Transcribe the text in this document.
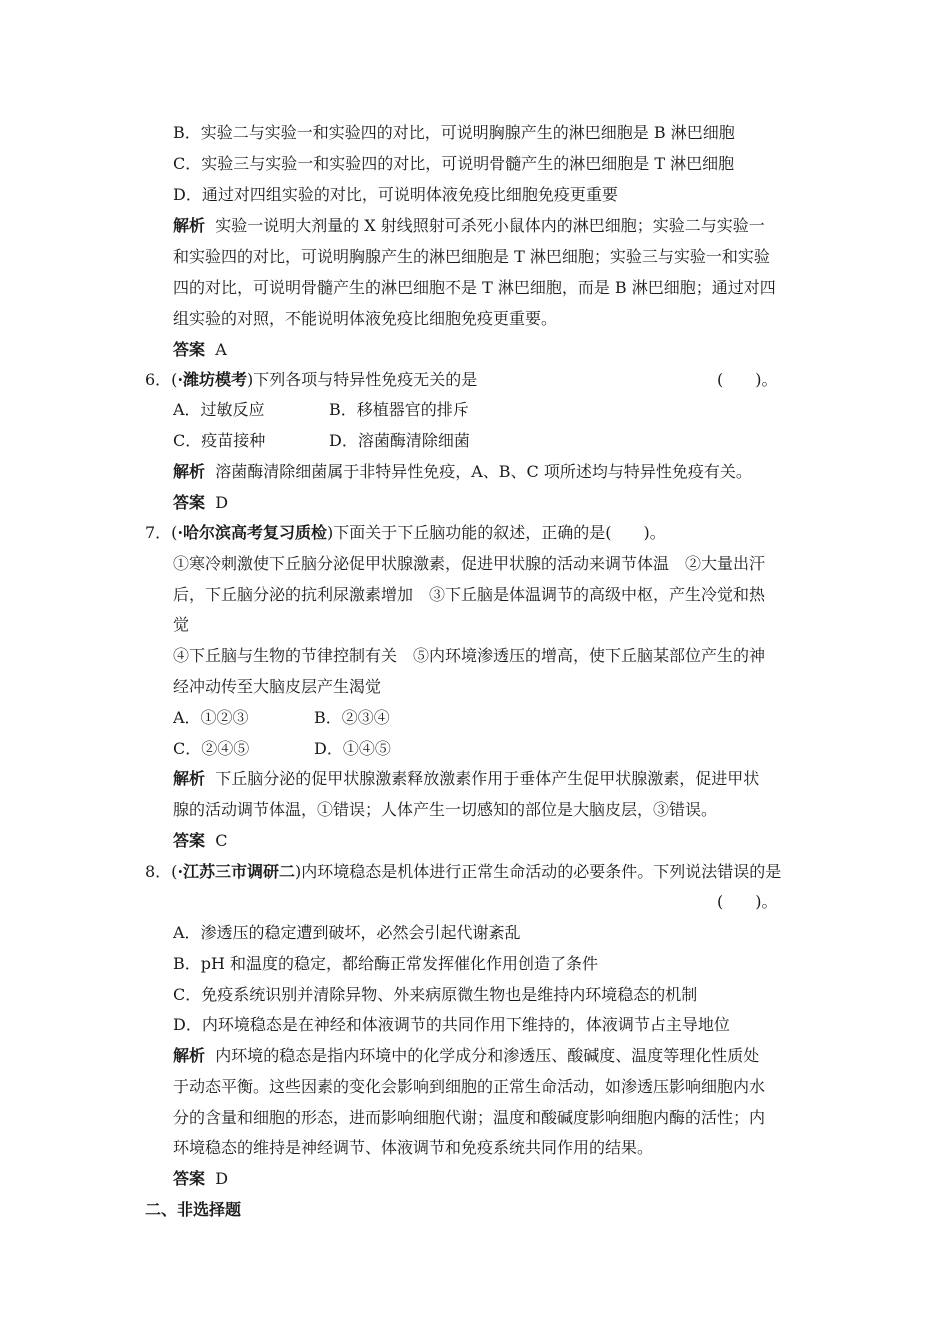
B．实验二与实验一和实验四的对比，可说明胸腺产生的淋巴细胞是 B 淋巴细胞
C．实验三与实验一和实验四的对比，可说明骨髓产生的淋巴细胞是 T 淋巴细胞
D．通过对四组实验的对比，可说明体液免疫比细胞免疫更重要
解析 实验一说明大剂量的 X 射线照射可杀死小鼠体内的淋巴细胞；实验二与实验一
和实验四的对比，可说明胸腺产生的淋巴细胞是 T 淋巴细胞；实验三与实验一和实验
四的对比，可说明骨髓产生的淋巴细胞不是 T 淋巴细胞，而是 B 淋巴细胞；通过对四
组实验的对照，不能说明体液免疫比细胞免疫更重要。
答案 A
6．(·潍坊模考)下列各项与特异性免疫无关的是	(　　)。
A．过敏反应	B．移植器官的排斥
C．疫苗接种	D．溶菌酶清除细菌
解析 溶菌酶清除细菌属于非特异性免疫，A、B、C 项所述均与特异性免疫有关。
答案 D
7．(·哈尔滨高考复习质检)下面关于下丘脑功能的叙述，正确的是(　　)。
①寒冷刺激使下丘脑分泌促甲状腺激素，促进甲状腺的活动来调节体温　②大量出汗
后，下丘脑分泌的抗利尿激素增加　③下丘脑是体温调节的高级中枢，产生冷觉和热
觉
④下丘脑与生物的节律控制有关　⑤内环境渗透压的增高，使下丘脑某部位产生的神
经冲动传至大脑皮层产生渴觉
A．①②③	B．②③④
C．②④⑤	D．①④⑤
解析 下丘脑分泌的促甲状腺激素释放激素作用于垂体产生促甲状腺激素，促进甲状
腺的活动调节体温，①错误；人体产生一切感知的部位是大脑皮层，③错误。
答案 C
8．(·江苏三市调研二)内环境稳态是机体进行正常生命活动的必要条件。下列说法错误的是
(　　)。
A．渗透压的稳定遭到破坏，必然会引起代谢紊乱
B．pH 和温度的稳定，都给酶正常发挥催化作用创造了条件
C．免疫系统识别并清除异物、外来病原微生物也是维持内环境稳态的机制
D．内环境稳态是在神经和体液调节的共同作用下维持的，体液调节占主导地位
解析 内环境的稳态是指内环境中的化学成分和渗透压、酸碱度、温度等理化性质处
于动态平衡。这些因素的变化会影响到细胞的正常生命活动，如渗透压影响细胞内水
分的含量和细胞的形态，进而影响细胞代谢；温度和酸碱度影响细胞内酶的活性；内
环境稳态的维持是神经调节、体液调节和免疫系统共同作用的结果。
答案 D
二、非选择题
